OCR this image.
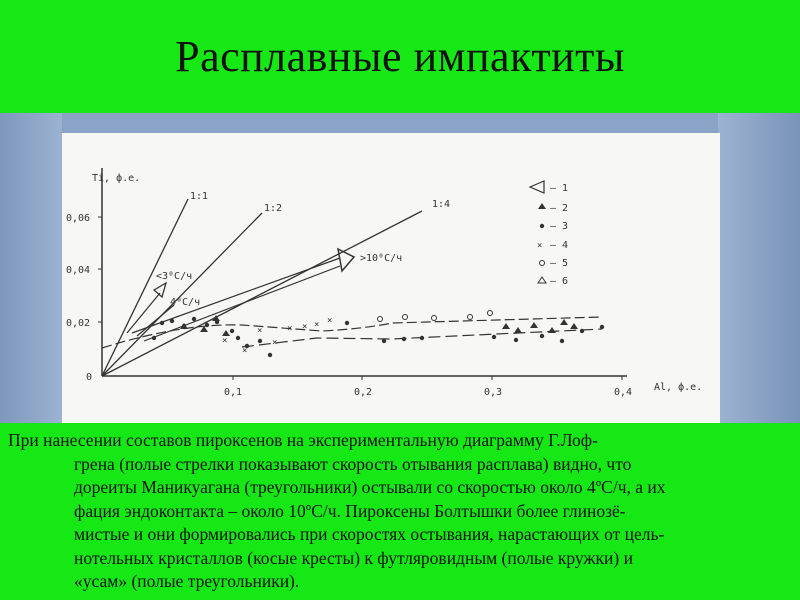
Расплавные импактиты
0,06
0,04
0,02
0
0,1	0,2	0,3	0,4
Ti, ф.е.
Al, ф.е.
1:1
1:2	1:4
>10⁰C/ч
<3⁰C/ч
4⁰C/ч
×
×
×
×
× × × ×
– 1
– 2
– 3
× – 4
– 5
– 6

При нанесении составов пироксенов на экспериментальную диаграмму Г.Лоф-
грена (полые стрелки показывают скорость отывания расплава) видно, что
дореиты Маникуагана (треугольники) остывали со скоростью около 4ºС/ч, а их
фация эндоконтакта – около 10ºС/ч. Пироксены Болтышки более глинозё-
мистые и они формировались при скоростях остывания, нарастающих от цель-
нотельных кристаллов (косые кресты) к футляровидным (полые кружки) и
«усам» (полые треугольники).
